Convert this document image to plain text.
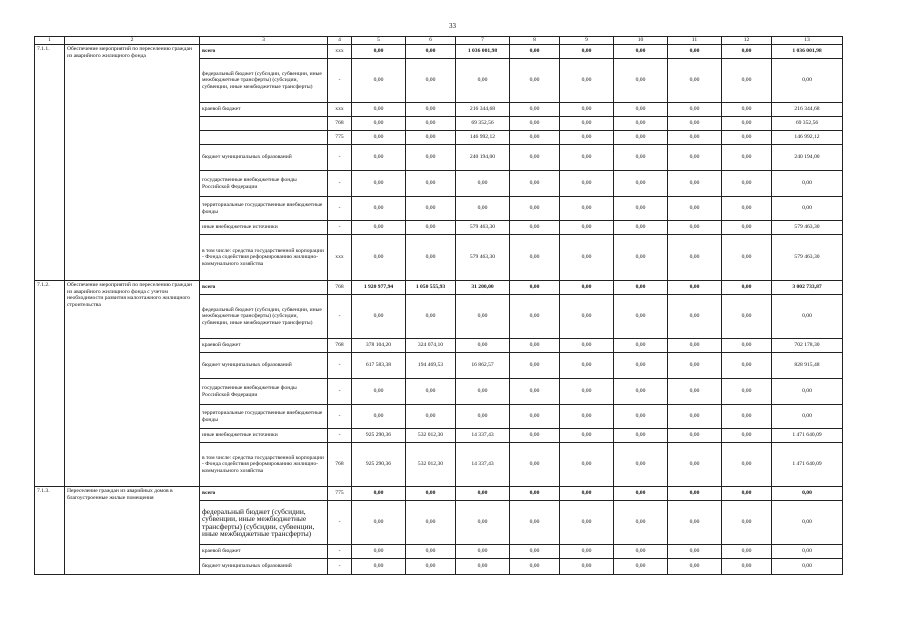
33
1	2	3	4	5	6	7	8	9	10	11	12	13
7.1.1.	Обеспечение мероприятий по переселению граждан из аварийного жилищного фонда	всего	ххх	0,00	0,00	1 036 001,98	0,00	0,00	0,00	0,00	0,00	1 036 001,98
		федеральный бюджет (субсидии, субвенции, иные межбюджетные трансферты) (субсидии, субвенции, иные межбюджетные трансферты)	-	0,00	0,00	0,00	0,00	0,00	0,00	0,00	0,00	0,00
		краевой бюджет	ххх	0,00	0,00	216 344,68	0,00	0,00	0,00	0,00	0,00	216 344,68
			768	0,00	0,00	69 352,56	0,00	0,00	0,00	0,00	0,00	69 352,56
			775	0,00	0,00	146 992,12	0,00	0,00	0,00	0,00	0,00	146 992,12
		бюджет муниципальных образований	-	0,00	0,00	240 194,00	0,00	0,00	0,00	0,00	0,00	240 194,00
		государственные внебюджетные фонды Российской Федерации	-	0,00	0,00	0,00	0,00	0,00	0,00	0,00	0,00	0,00
		территориальные государственные внебюджетные фонды	-	0,00	0,00	0,00	0,00	0,00	0,00	0,00	0,00	0,00
		иные внебюджетные источники	-	0,00	0,00	579 463,30	0,00	0,00	0,00	0,00	0,00	579 463,30
		в том числе: средства государственной корпорации - Фонда содействия реформированию жилищно-коммунального хозяйства	ххх	0,00	0,00	579 463,30	0,00	0,00	0,00	0,00	0,00	579 463,30
7.1.2.	Обеспечение мероприятий по переселению граждан из аварийного жилищного фонда с учетом необходимости развития малоэтажного жилищного строительства	всего	768	1 920 977,94	1 050 555,93	31 200,00	0,00	0,00	0,00	0,00	0,00	3 002 733,87
		федеральный бюджет (субсидии, субвенции, иные межбюджетные трансферты) (субсидии, субвенции, иные межбюджетные трансферты)	-	0,00	0,00	0,00	0,00	0,00	0,00	0,00	0,00	0,00
		краевой бюджет	768	378 104,20	324 074,10	0,00	0,00	0,00	0,00	0,00	0,00	702 178,30
		бюджет муниципальных образований	-	617 583,38	194 469,53	16 862,57	0,00	0,00	0,00	0,00	0,00	828 915,48
		государственные внебюджетные фонды Российской Федерации	-	0,00	0,00	0,00	0,00	0,00	0,00	0,00	0,00	0,00
		территориальные государственные внебюджетные фонды	-	0,00	0,00	0,00	0,00	0,00	0,00	0,00	0,00	0,00
		иные внебюджетные источники	-	925 290,36	532 012,30	14 337,43	0,00	0,00	0,00	0,00	0,00	1 471 640,09
		в том числе: средства государственной корпорации - Фонда содействия реформированию жилищно-коммунального хозяйства	768	925 290,36	532 012,30	14 337,43	0,00	0,00	0,00	0,00	0,00	1 471 640,09
7.1.3.	Переселение граждан из аварийных домов в благоустроенные жилые помещения	всего	775	0,00	0,00	0,00	0,00	0,00	0,00	0,00	0,00	0,00
		федеральный бюджет (субсидии, субвенции, иные межбюджетные трансферты) (субсидии, субвенции, иные межбюджетные трансферты)	-	0,00	0,00	0,00	0,00	0,00	0,00	0,00	0,00	0,00
		краевой бюджет	-	0,00	0,00	0,00	0,00	0,00	0,00	0,00	0,00	0,00
		бюджет муниципальных образований	-	0,00	0,00	0,00	0,00	0,00	0,00	0,00	0,00	0,00
